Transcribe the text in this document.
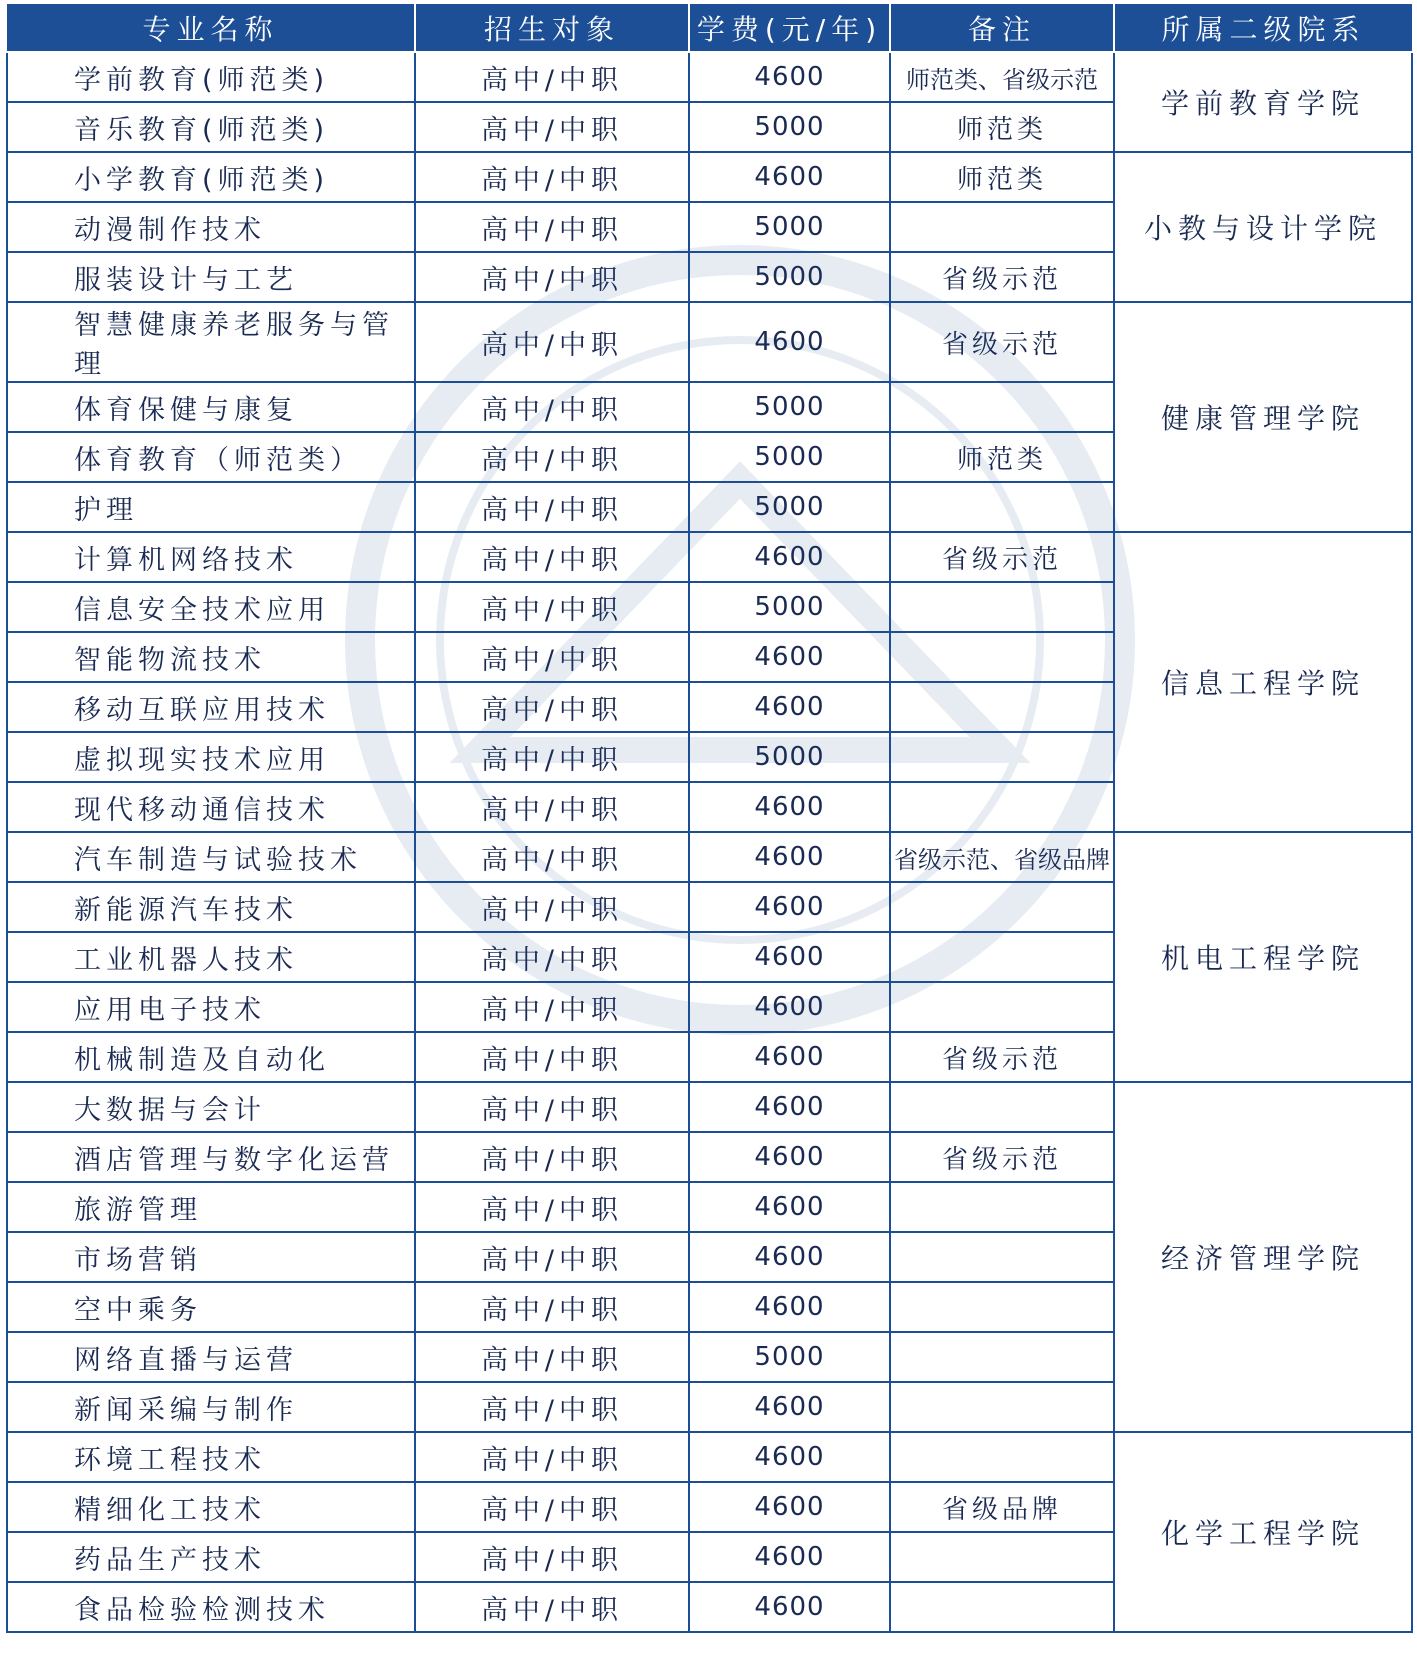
专业名称	招生对象	学费(元/年)	备注	所属二级院系
学前教育(师范类)	高中/中职	4600	师范类、省级示范	学前教育学院
音乐教育(师范类)	高中/中职	5000	师范类	
小学教育(师范类)	高中/中职	4600	师范类	小教与设计学院
动漫制作技术	高中/中职	5000		
服装设计与工艺	高中/中职	5000	省级示范	
智慧健康养老服务与管理	高中/中职	4600	省级示范	健康管理学院
体育保健与康复	高中/中职	5000		
体育教育（师范类）	高中/中职	5000	师范类	
护理	高中/中职	5000		
计算机网络技术	高中/中职	4600	省级示范	信息工程学院
信息安全技术应用	高中/中职	5000		
智能物流技术	高中/中职	4600		
移动互联应用技术	高中/中职	4600		
虚拟现实技术应用	高中/中职	5000		
现代移动通信技术	高中/中职	4600		
汽车制造与试验技术	高中/中职	4600	省级示范、省级品牌	机电工程学院
新能源汽车技术	高中/中职	4600		
工业机器人技术	高中/中职	4600		
应用电子技术	高中/中职	4600		
机械制造及自动化	高中/中职	4600	省级示范	
大数据与会计	高中/中职	4600		经济管理学院
酒店管理与数字化运营	高中/中职	4600	省级示范	
旅游管理	高中/中职	4600		
市场营销	高中/中职	4600		
空中乘务	高中/中职	4600		
网络直播与运营	高中/中职	5000		
新闻采编与制作	高中/中职	4600		
环境工程技术	高中/中职	4600		化学工程学院
精细化工技术	高中/中职	4600	省级品牌	
药品生产技术	高中/中职	4600		
食品检验检测技术	高中/中职	4600		
